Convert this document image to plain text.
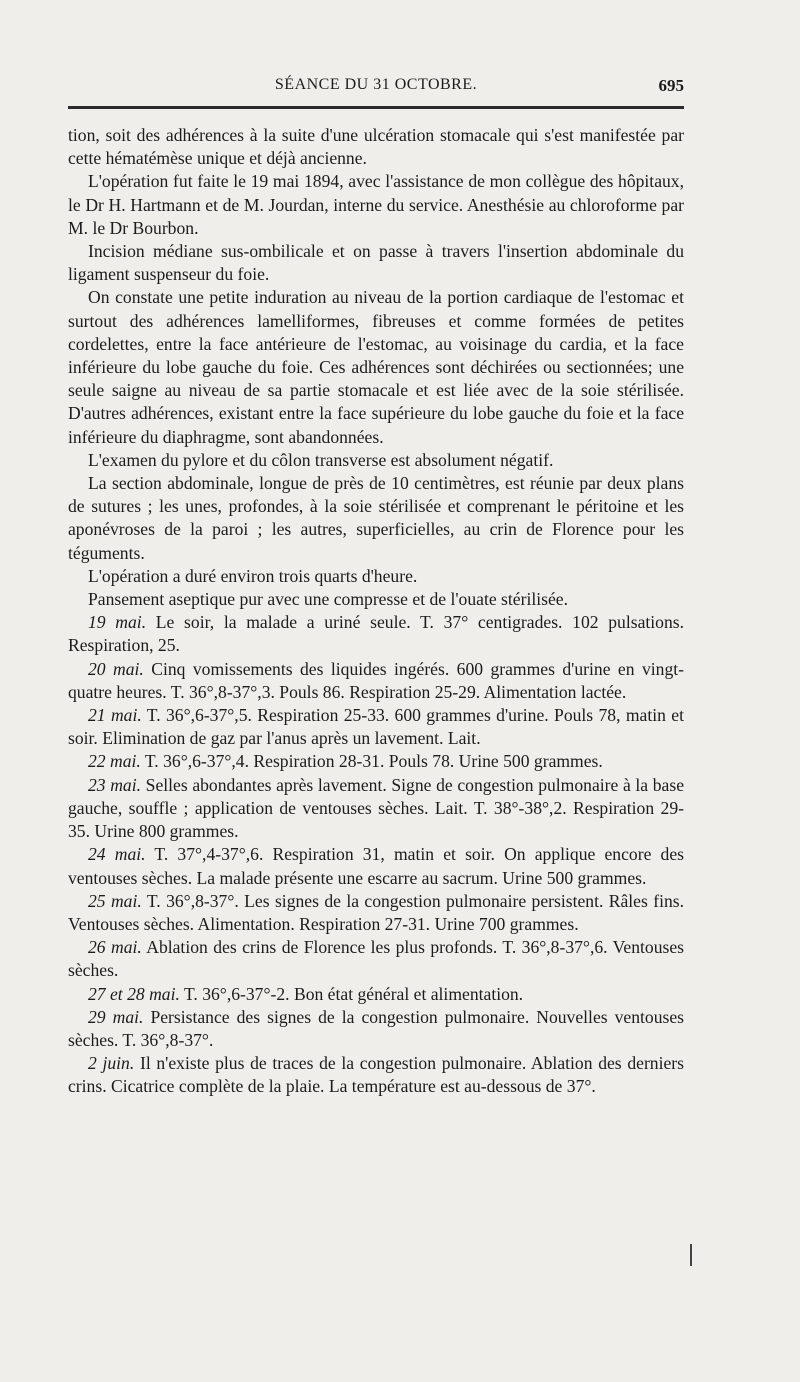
SÉANCE DU 31 OCTOBRE.	695

tion, soit des adhérences à la suite d'une ulcération stomacale qui s'est manifestée par cette hématémèse unique et déjà ancienne.

L'opération fut faite le 19 mai 1894, avec l'assistance de mon collègue des hôpitaux, le Dr H. Hartmann et de M. Jourdan, interne du service. Anesthésie au chloroforme par M. le Dr Bourbon.

Incision médiane sus-ombilicale et on passe à travers l'insertion abdominale du ligament suspenseur du foie.

On constate une petite induration au niveau de la portion cardiaque de l'estomac et surtout des adhérences lamelliformes, fibreuses et comme formées de petites cordelettes, entre la face antérieure de l'estomac, au voisinage du cardia, et la face inférieure du lobe gauche du foie. Ces adhérences sont déchirées ou sectionnées; une seule saigne au niveau de sa partie stomacale et est liée avec de la soie stérilisée. D'autres adhérences, existant entre la face supérieure du lobe gauche du foie et la face inférieure du diaphragme, sont abandonnées.

L'examen du pylore et du côlon transverse est absolument négatif.

La section abdominale, longue de près de 10 centimètres, est réunie par deux plans de sutures ; les unes, profondes, à la soie stérilisée et comprenant le péritoine et les aponévroses de la paroi ; les autres, superficielles, au crin de Florence pour les téguments.

L'opération a duré environ trois quarts d'heure.

Pansement aseptique pur avec une compresse et de l'ouate stérilisée.

19 mai. Le soir, la malade a uriné seule. T. 37° centigrades. 102 pulsations. Respiration, 25.

20 mai. Cinq vomissements des liquides ingérés. 600 grammes d'urine en vingt-quatre heures. T. 36°,8-37°,3. Pouls 86. Respiration 25-29. Alimentation lactée.

21 mai. T. 36°,6-37°,5. Respiration 25-33. 600 grammes d'urine. Pouls 78, matin et soir. Elimination de gaz par l'anus après un lavement. Lait.

22 mai. T. 36°,6-37°,4. Respiration 28-31. Pouls 78. Urine 500 grammes.

23 mai. Selles abondantes après lavement. Signe de congestion pulmonaire à la base gauche, souffle ; application de ventouses sèches. Lait. T. 38°-38°,2. Respiration 29-35. Urine 800 grammes.

24 mai. T. 37°,4-37°,6. Respiration 31, matin et soir. On applique encore des ventouses sèches. La malade présente une escarre au sacrum. Urine 500 grammes.

25 mai. T. 36°,8-37°. Les signes de la congestion pulmonaire persistent. Râles fins. Ventouses sèches. Alimentation. Respiration 27-31. Urine 700 grammes.

26 mai. Ablation des crins de Florence les plus profonds. T. 36°,8-37°,6. Ventouses sèches.

27 et 28 mai. T. 36°,6-37°-2. Bon état général et alimentation.

29 mai. Persistance des signes de la congestion pulmonaire. Nouvelles ventouses sèches. T. 36°,8-37°.

2 juin. Il n'existe plus de traces de la congestion pulmonaire. Ablation des derniers crins. Cicatrice complète de la plaie. La température est au-dessous de 37°.
